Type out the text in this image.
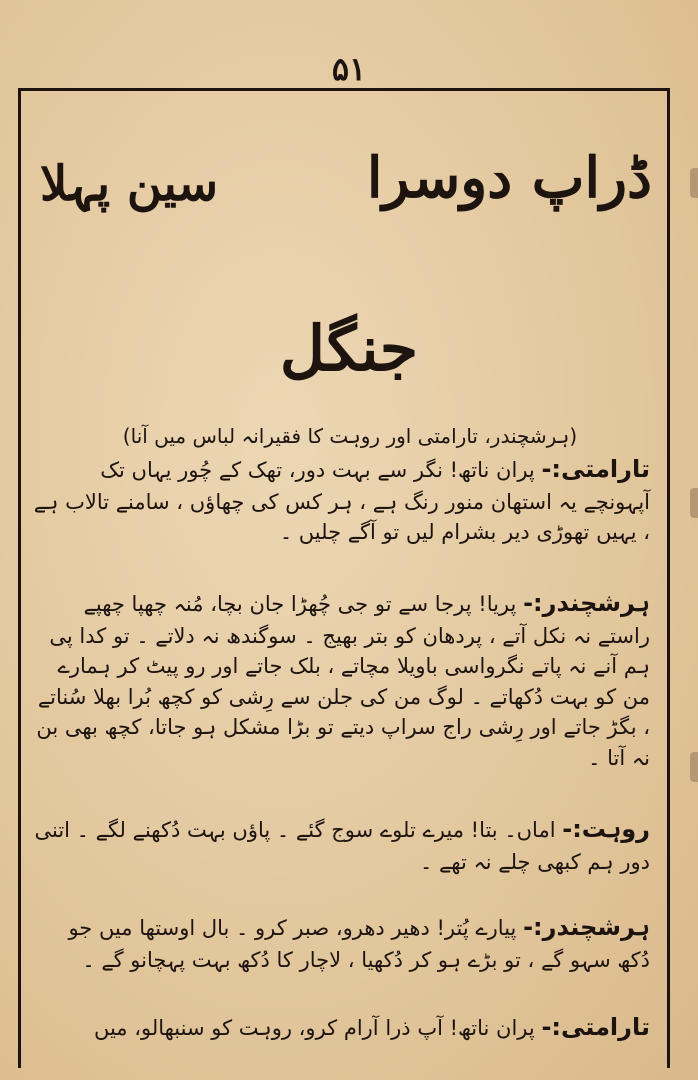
۵۱
ڈراپ دوسرا
سین پہلا
جنگل
(ہرشچندر، تارامتی اور روہت کا فقیرانہ لباس میں آنا)
تارامتی:- پران ناتھ! نگر سے بہت دور، تھک کے چُور یہاں تک آپہونچے یہ استھان منور رنگ ہے ، ہر کس کی چھاؤں ، سامنے تالاب ہے ، یہیں تھوڑی دیر بشرام لیں تو آگے چلیں ۔
ہرشچندر:- پریا! پرجا سے تو جی چُھڑا جان بچا، مُنہ چھپا چھپے راستے نہ نکل آتے ، پردھان کو بتر بھیج ۔ سوگندھ نہ دلاتے ۔ تو کدا پی ہم آنے نہ پاتے نگرواسی باویلا مچاتے ، بلک جاتے اور رو پیٹ کر ہمارے من کو بہت دُکھاتے ۔ لوگ من کی جلن سے رِشی کو کچھ بُرا بھلا سُناتے ، بگڑ جاتے اور رِشی راج سراپ دیتے تو بڑا مشکل ہو جاتا، کچھ بھی بن نہ آتا ۔
روہت:- اماں۔ بتا! میرے تلوے سوج گئے ۔ پاؤں بہت دُکھنے لگے ۔ اتنی دور ہم کبھی چلے نہ تھے ۔
ہرشچندر:- پیارے پُتر! دھیر دھرو، صبر کرو ۔ بال اوستھا میں جو دُکھ سہو گے ، تو بڑے ہو کر دُکھیا ، لاچار کا دُکھ بہت پہچانو گے ۔
تارامتی:- پران ناتھ! آپ ذرا آرام کرو، روہت کو سنبھالو، میں
